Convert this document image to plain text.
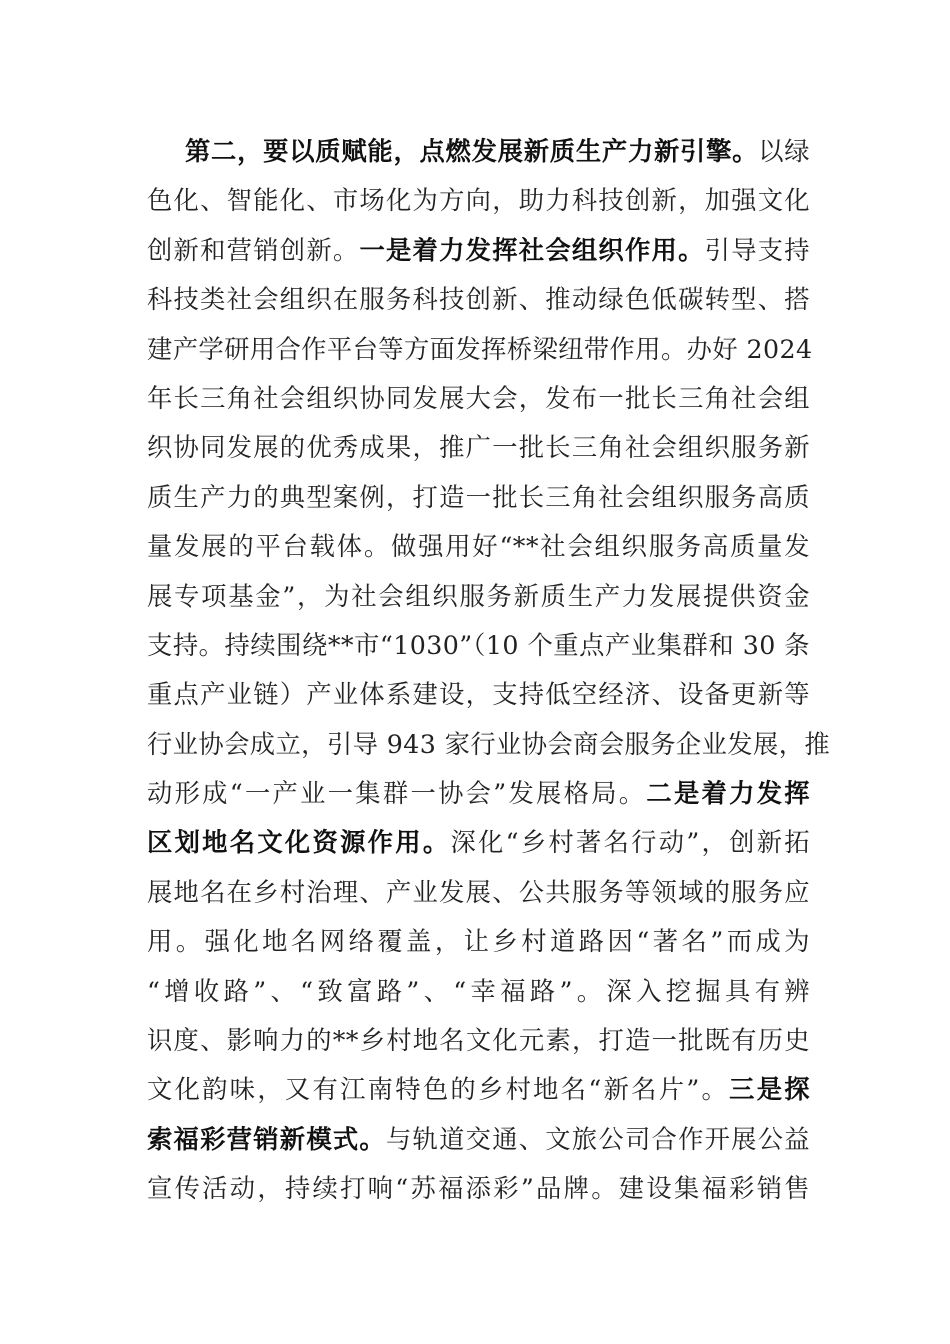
第二，要以质赋能，点燃发展新质生产力新引擎。以绿
色化、智能化、市场化为方向，助力科技创新，加强文化
创新和营销创新。一是着力发挥社会组织作用。引导支持
科技类社会组织在服务科技创新、推动绿色低碳转型、搭
建产学研用合作平台等方面发挥桥梁纽带作用。办好 2024
年长三角社会组织协同发展大会，发布一批长三角社会组
织协同发展的优秀成果，推广一批长三角社会组织服务新
质生产力的典型案例，打造一批长三角社会组织服务高质
量发展的平台载体。做强用好“**社会组织服务高质量发
展专项基金”，为社会组织服务新质生产力发展提供资金
支持。持续围绕**市“1030”（10 个重点产业集群和 30 条
重点产业链）产业体系建设，支持低空经济、设备更新等
行业协会成立，引导 943 家行业协会商会服务企业发展，推
动形成“一产业一集群一协会”发展格局。二是着力发挥
区划地名文化资源作用。深化“乡村著名行动”，创新拓
展地名在乡村治理、产业发展、公共服务等领域的服务应
用。强化地名网络覆盖，让乡村道路因“著名”而成为
“增收路”、“致富路”、“幸福路”。深入挖掘具有辨
识度、影响力的**乡村地名文化元素，打造一批既有历史
文化韵味，又有江南特色的乡村地名“新名片”。三是探
索福彩营销新模式。与轨道交通、文旅公司合作开展公益
宣传活动，持续打响“苏福添彩”品牌。建设集福彩销售
